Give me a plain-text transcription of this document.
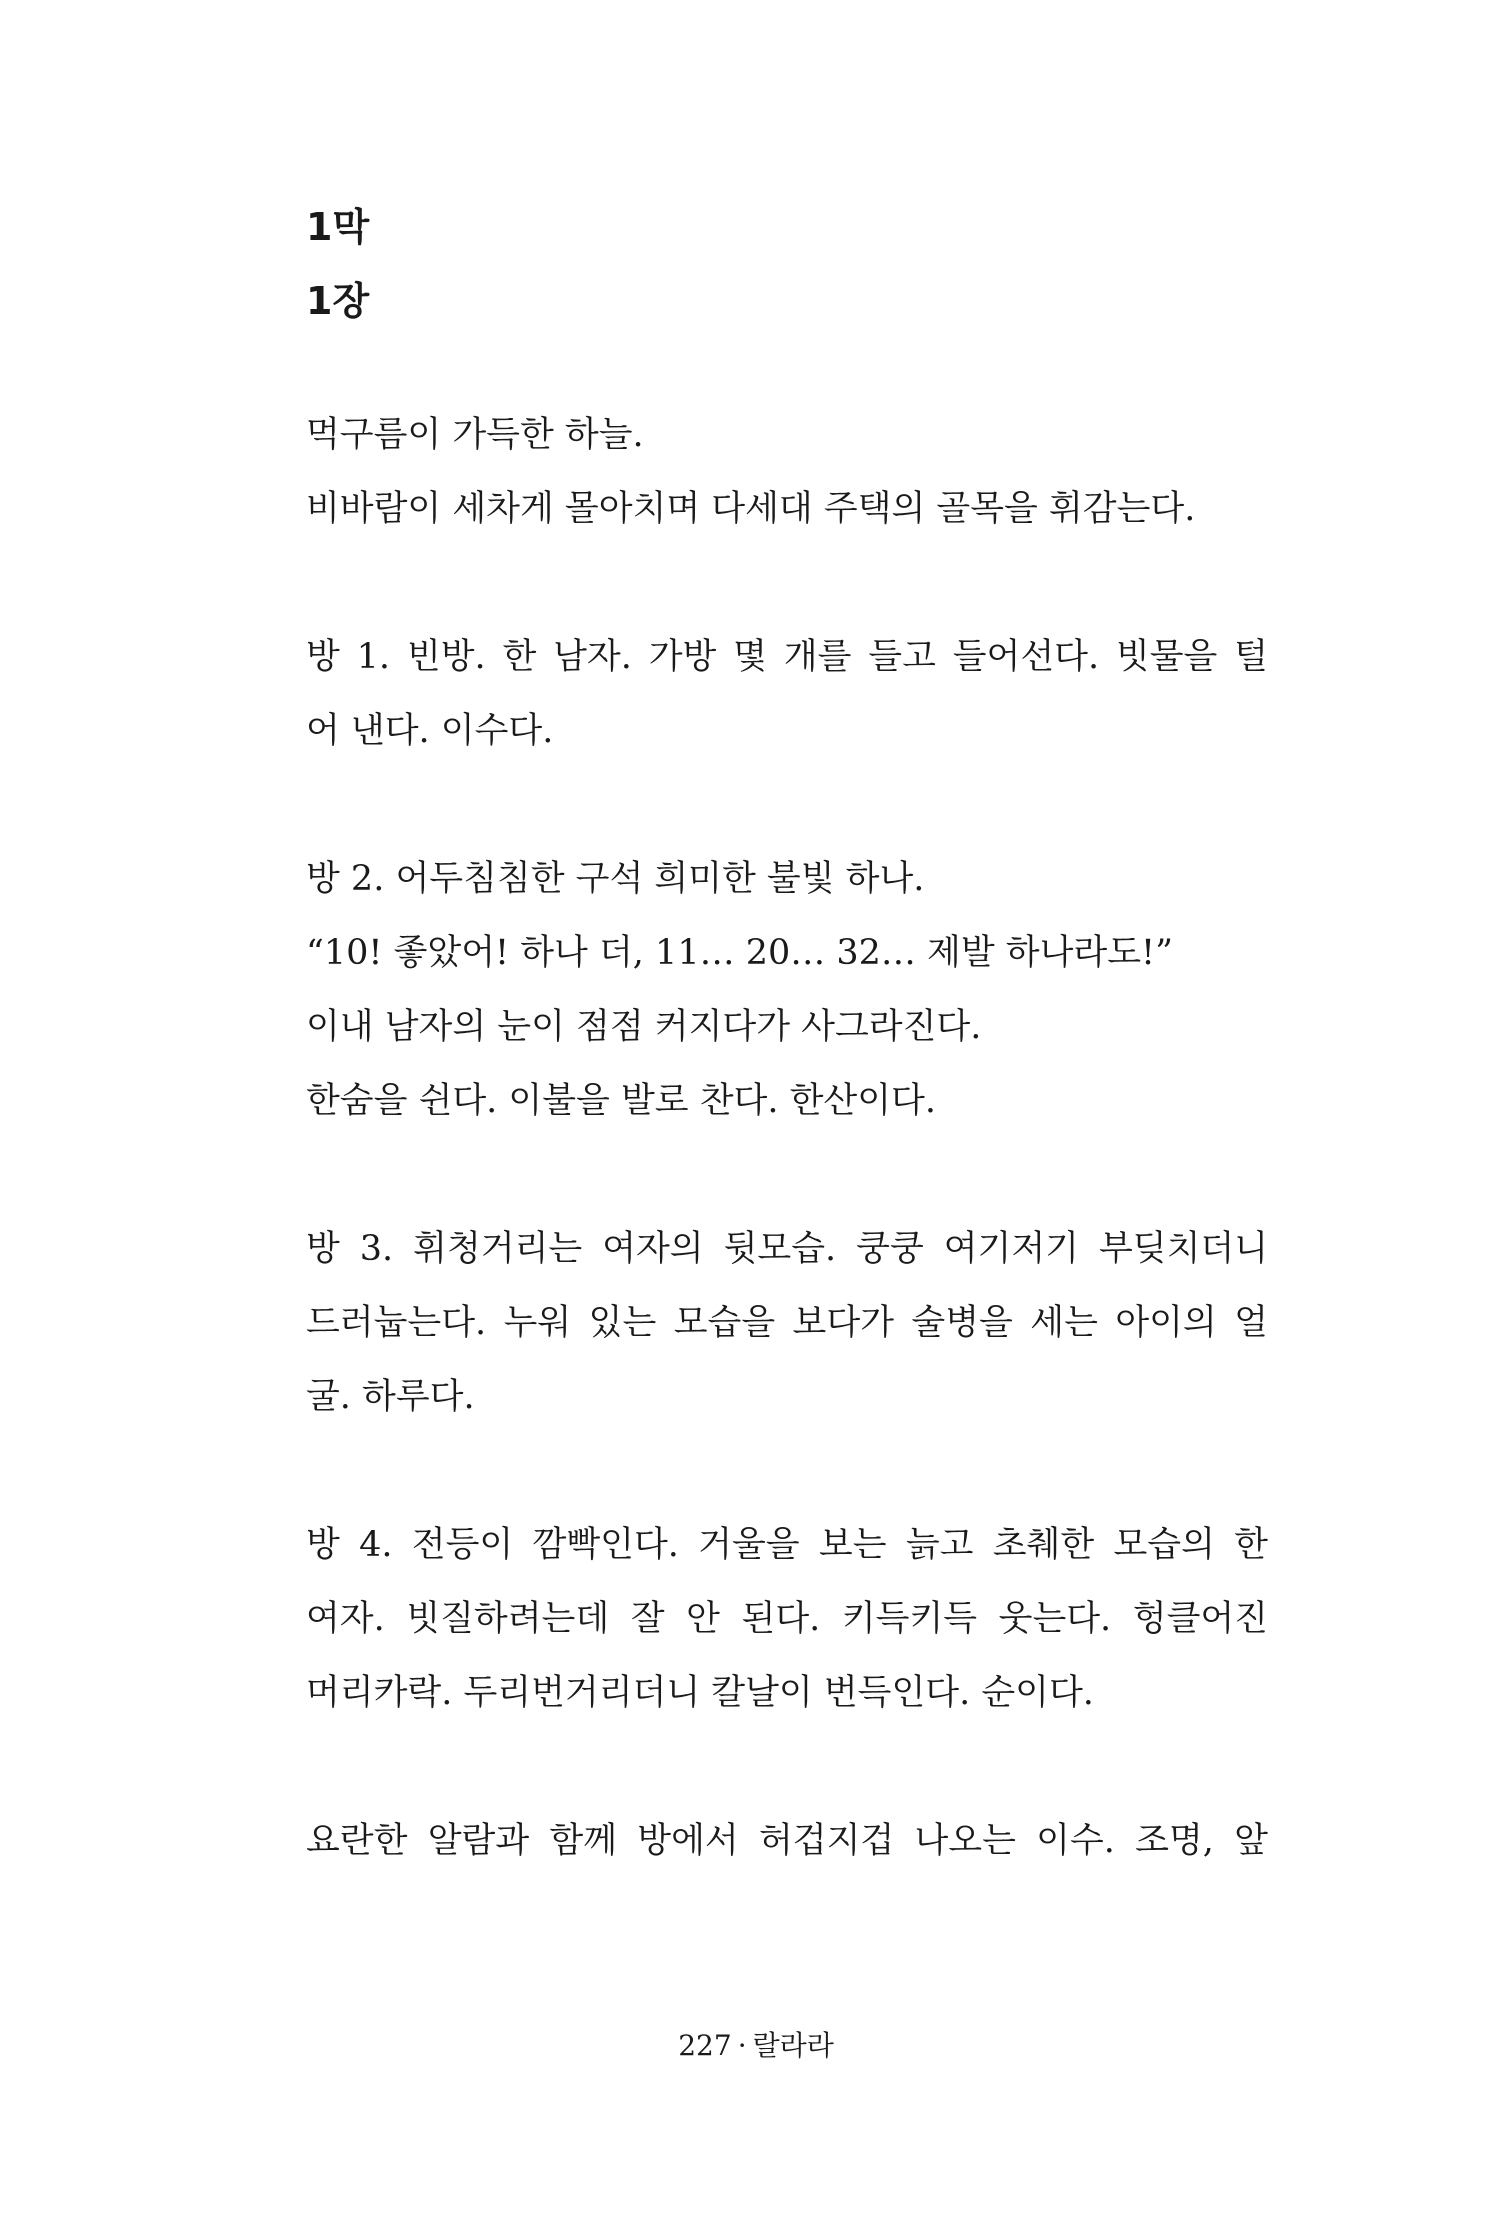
1막
1장

먹구름이 가득한 하늘.
비바람이 세차게 몰아치며 다세대 주택의 골목을 휘감는다.

방 1. 빈방. 한 남자. 가방 몇 개를 들고 들어선다. 빗물을 털
어 낸다. 이수다.

방 2. 어두침침한 구석 희미한 불빛 하나.
“10! 좋았어! 하나 더, 11… 20… 32… 제발 하나라도!”
이내 남자의 눈이 점점 커지다가 사그라진다.
한숨을 쉰다. 이불을 발로 찬다. 한산이다.

방 3. 휘청거리는 여자의 뒷모습. 쿵쿵 여기저기 부딪치더니
드러눕는다. 누워 있는 모습을 보다가 술병을 세는 아이의 얼
굴. 하루다.

방 4. 전등이 깜빡인다. 거울을 보는 늙고 초췌한 모습의 한
여자. 빗질하려는데 잘 안 된다. 키득키득 웃는다. 헝클어진
머리카락. 두리번거리더니 칼날이 번득인다. 순이다.

요란한 알람과 함께 방에서 허겁지겁 나오는 이수. 조명, 앞

227 · 랄라라
